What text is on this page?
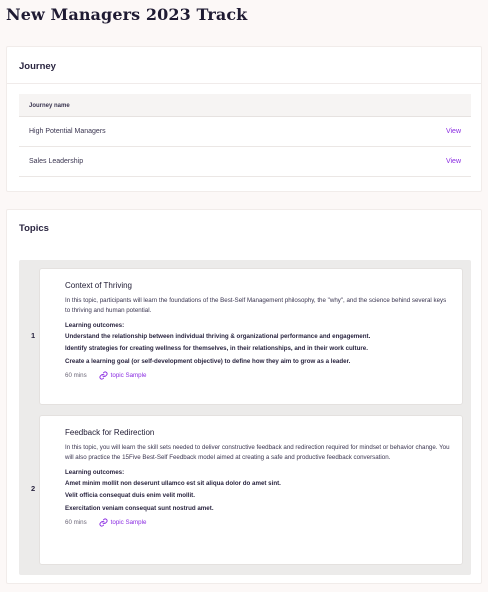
New Managers 2023 Track
Journey
Journey name
High Potential Managers	View
Sales Leadership	View
Topics
1
Context of Thriving
In this topic, participants will learn the foundations of the Best-Self Management philosophy, the "why", and the science behind several keys to thriving and human potential.
Learning outcomes:
Understand the relationship between individual thriving & organizational performance and engagement.
Identify strategies for creating wellness for themselves, in their relationships, and in their work culture.
Create a learning goal (or self-development objective) to define how they aim to grow as a leader.
60 mins	topic Sample
2
Feedback for Redirection
In this topic, you will learn the skill sets needed to deliver constructive feedback and redirection required for mindset or behavior change. You will also practice the 15Five Best-Self Feedback model aimed at creating a safe and productive feedback conversation.
Learning outcomes:
Amet minim mollit non deserunt ullamco est sit aliqua dolor do amet sint.
Velit officia consequat duis enim velit mollit.
Exercitation veniam consequat sunt nostrud amet.
60 mins	topic Sample
